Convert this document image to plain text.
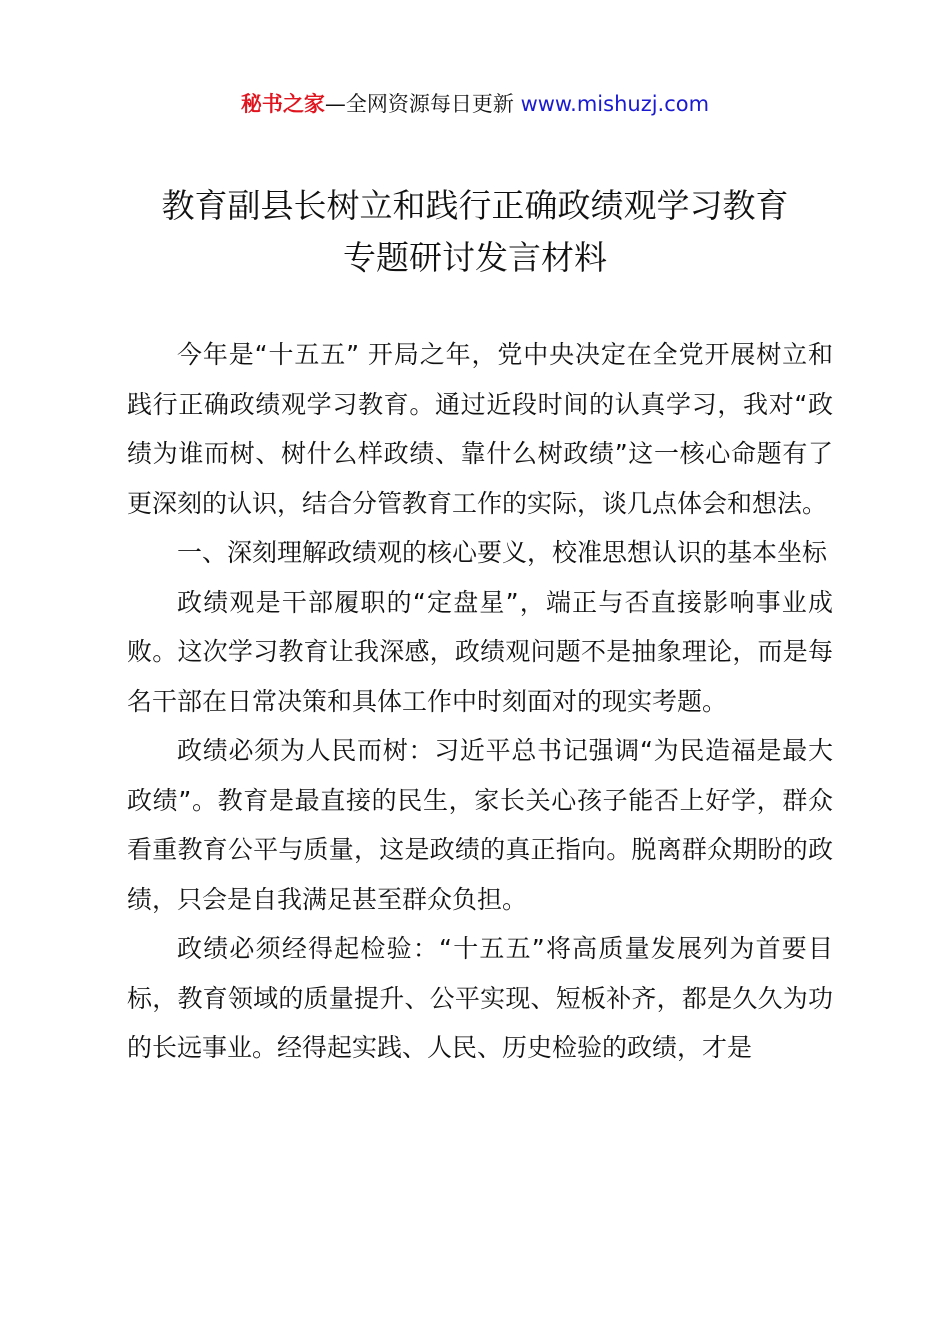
秘书之家—全网资源每日更新 www.mishuzj.com
教育副县长树立和践行正确政绩观学习教育
专题研讨发言材料

今年是“十五五” 开局之年，党中央决定在全党开展树立和践行正确政绩观学习教育。通过近段时间的认真学习，我对“政绩为谁而树、树什么样政绩、靠什么树政绩”这一核心命题有了更深刻的认识，结合分管教育工作的实际，谈几点体会和想法。

一、深刻理解政绩观的核心要义，校准思想认识的基本坐标

政绩观是干部履职的“定盘星”，端正与否直接影响事业成败。这次学习教育让我深感，政绩观问题不是抽象理论，而是每名干部在日常决策和具体工作中时刻面对的现实考题。

政绩必须为人民而树：习近平总书记强调“为民造福是最大政绩”。教育是最直接的民生，家长关心孩子能否上好学，群众看重教育公平与质量，这是政绩的真正指向。脱离群众期盼的政绩，只会是自我满足甚至群众负担。

政绩必须经得起检验：“十五五”将高质量发展列为首要目标，教育领域的质量提升、公平实现、短板补齐，都是久久为功的长远事业。经得起实践、人民、历史检验的政绩，才是
